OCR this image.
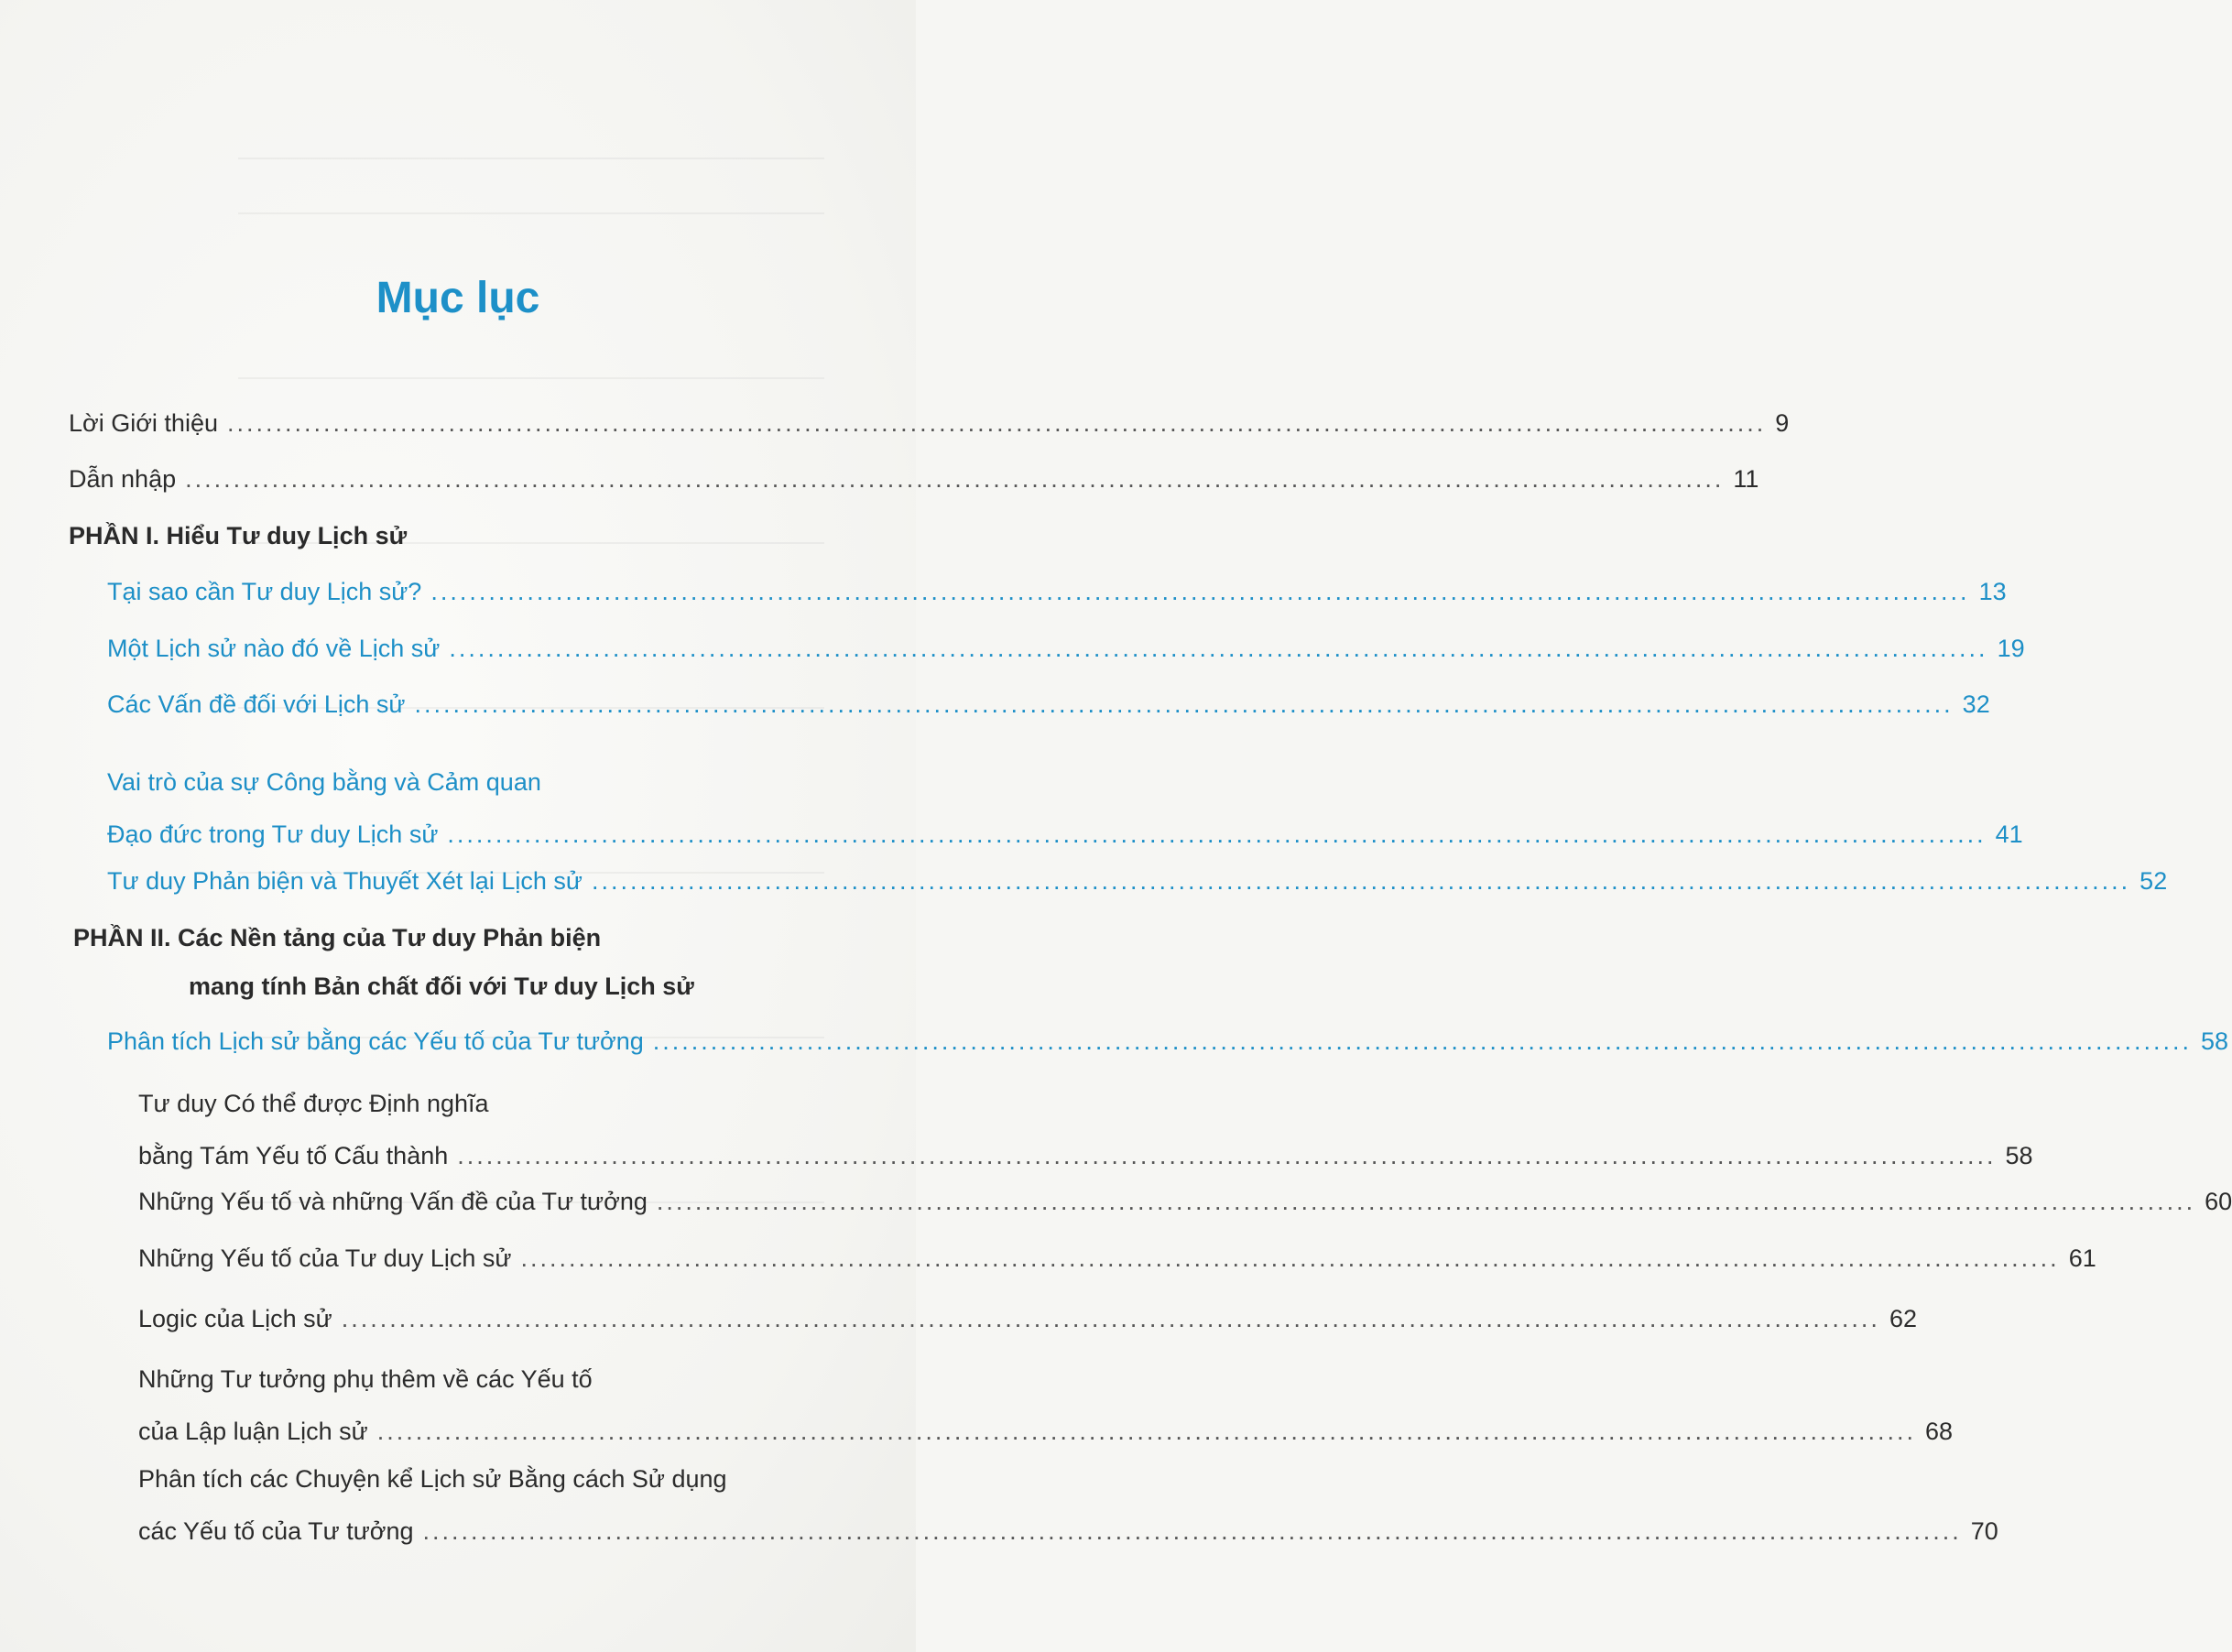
Mục lục
Lời Giới thiệu ................................................................................................................................................................ 9
Dẫn nhập ................................................................................................................................................................ 11
PHẦN I. Hiểu Tư duy Lịch sử
Tại sao cần Tư duy Lịch sử? ................................................................................................................................................................ 13
Một Lịch sử nào đó về Lịch sử ................................................................................................................................................................ 19
Các Vấn đề đối với Lịch sử ................................................................................................................................................................ 32
Vai trò của sự Công bằng và Cảm quan
Đạo đức trong Tư duy Lịch sử ................................................................................................................................................................ 41
Tư duy Phản biện và Thuyết Xét lại Lịch sử ................................................................................................................................................................ 52
PHẦN II. Các Nền tảng của Tư duy Phản biện
mang tính Bản chất đối với Tư duy Lịch sử
Phân tích Lịch sử bằng các Yếu tố của Tư tưởng ................................................................................................................................................................ 58
Tư duy Có thể được Định nghĩa
bằng Tám Yếu tố Cấu thành ................................................................................................................................................................ 58
Những Yếu tố và những Vấn đề của Tư tưởng ................................................................................................................................................................ 60
Những Yếu tố của Tư duy Lịch sử ................................................................................................................................................................ 61
Logic của Lịch sử ................................................................................................................................................................ 62
Những Tư tưởng phụ thêm về các Yếu tố
của Lập luận Lịch sử ................................................................................................................................................................ 68
Phân tích các Chuyện kể Lịch sử Bằng cách Sử dụng
các Yếu tố của Tư tưởng ................................................................................................................................................................ 70
